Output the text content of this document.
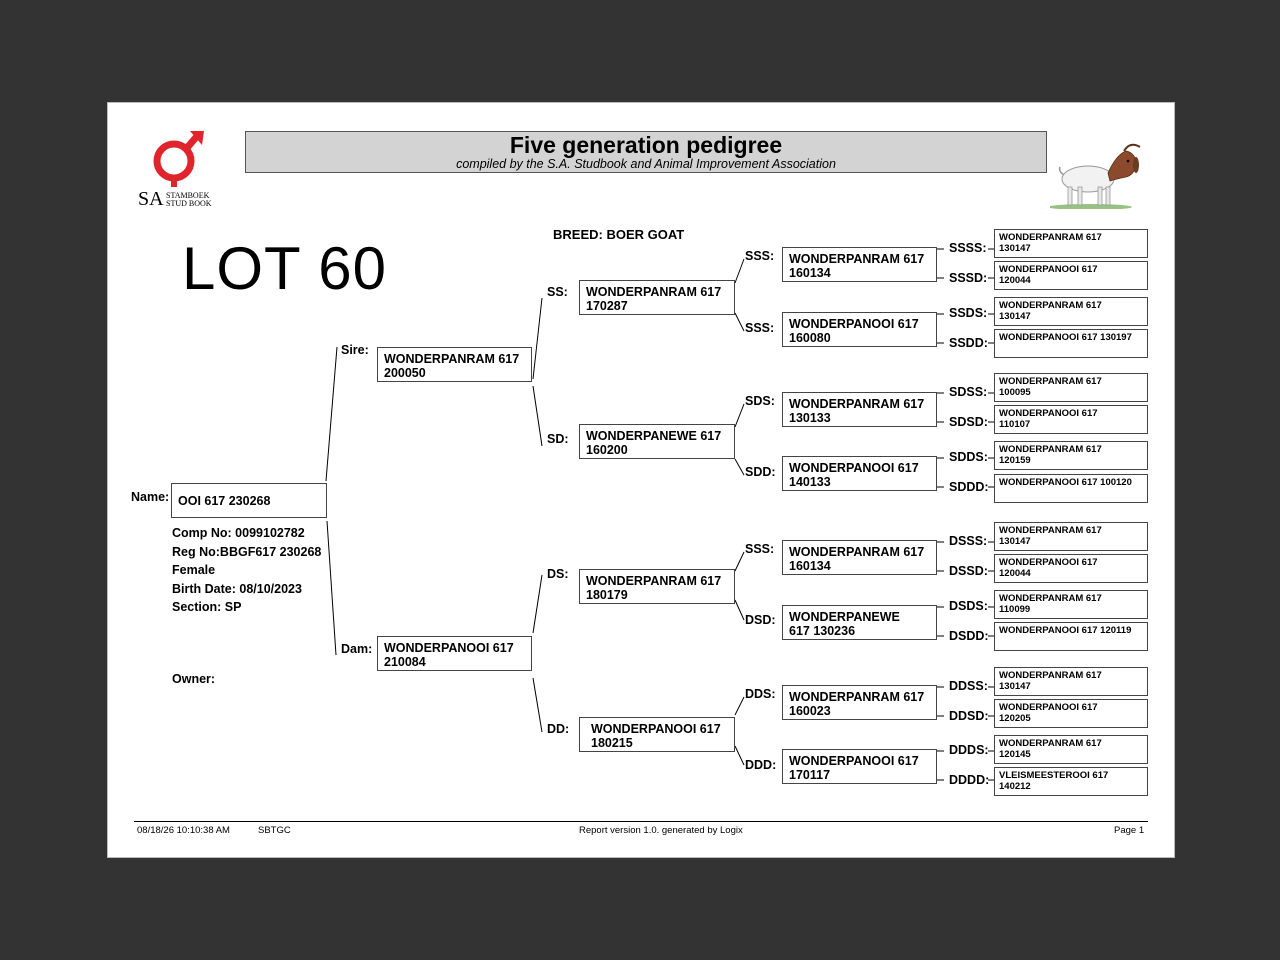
SA STAMBOEK
STUD BOOK
Five generation pedigree
compiled by the S.A. Studbook and Animal Improvement Association
LOT 60
BREED: BOER GOAT
Name: OOI 617 230268
Comp No: 0099102782
Reg No:BBGF617 230268
Female
Birth Date: 08/10/2023
Section: SP
Owner:
Sire:
WONDERPANRAM 617
200050
Dam: WONDERPANOOI 617
210084
SS: WONDERPANRAM 617
170287
SD: WONDERPANEWE 617
160200
DS: WONDERPANRAM 617
180179
DD: WONDERPANOOI 617
180215
SSS: WONDERPANRAM 617
160134
SSS: WONDERPANOOI 617
160080
SDS: WONDERPANRAM 617
130133
SDD: WONDERPANOOI 617
140133
SSS: WONDERPANRAM 617
160134
DSD: WONDERPANEWE
617 130236
DDS: WONDERPANRAM 617
160023
DDD: WONDERPANOOI 617
170117
SSSS:
SSSD:
SSDS:
SSDD:
SDSS:
SDSD:
SDDS:
SDDD:
DSSS:
DSSD:
DSDS:
DSDD:
DDSS:
DDSD:
DDDS:
DDDD:
WONDERPANRAM 617
130147
WONDERPANOOI 617
120044
WONDERPANRAM 617
130147
WONDERPANOOI 617 130197
WONDERPANRAM 617
100095
WONDERPANOOI 617
110107
WONDERPANRAM 617
120159
WONDERPANOOI 617 100120
WONDERPANRAM 617
130147
WONDERPANOOI 617
120044
WONDERPANRAM 617
110099
WONDERPANOOI 617 120119
WONDERPANRAM 617
130147
WONDERPANOOI 617
120205
WONDERPANRAM 617
120145
VLEISMEESTEROOI 617
140212
08/18/26 10:10:38 AM	SBTGC	Report version 1.0. generated by Logix	Page 1
